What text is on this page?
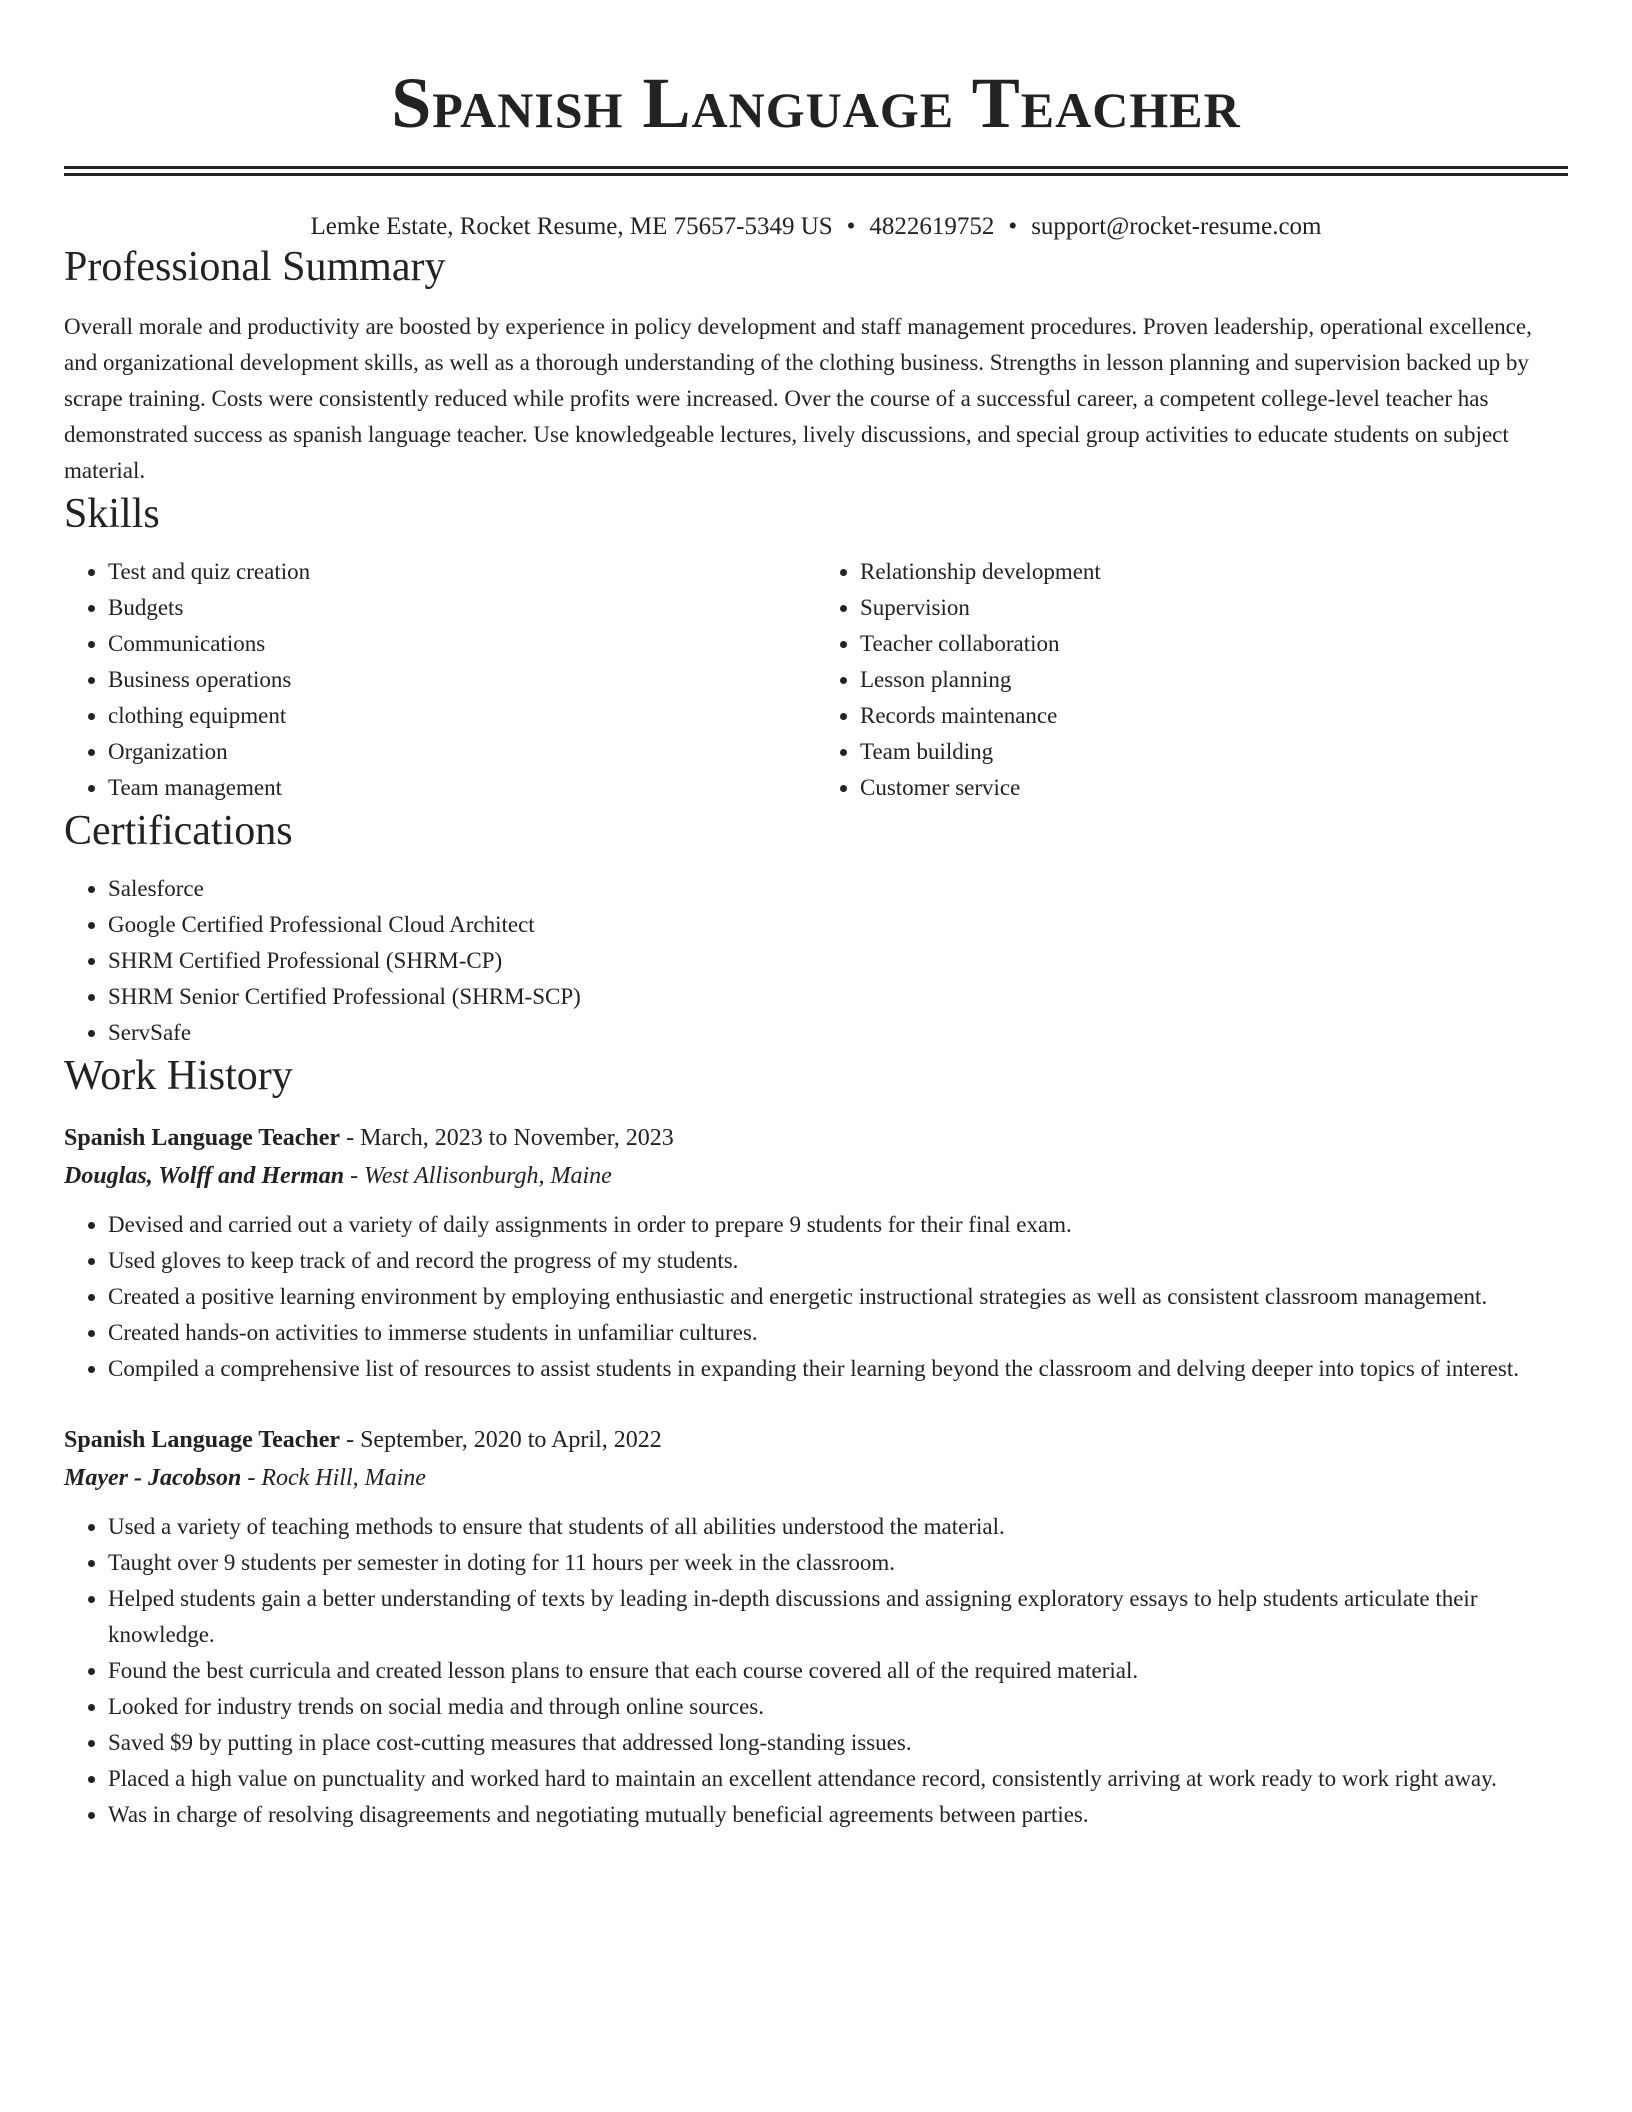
Spanish Language Teacher
Lemke Estate, Rocket Resume, ME 75657-5349 US • 4822619752 • support@rocket-resume.com
Professional Summary

Overall morale and productivity are boosted by experience in policy development and staff management procedures. Proven leadership, operational excellence, and organizational development skills, as well as a thorough understanding of the clothing business. Strengths in lesson planning and supervision backed up by scrape training. Costs were consistently reduced while profits were increased. Over the course of a successful career, a competent college-level teacher has demonstrated success as spanish language teacher. Use knowledgeable lectures, lively discussions, and special group activities to educate students on subject material.

Skills
• Test and quiz creation
• Budgets
• Communications
• Business operations
• clothing equipment
• Organization
• Team management
• Relationship development
• Supervision
• Teacher collaboration
• Lesson planning
• Records maintenance
• Team building
• Customer service
Certifications
• Salesforce
• Google Certified Professional Cloud Architect
• SHRM Certified Professional (SHRM-CP)
• SHRM Senior Certified Professional (SHRM-SCP)
• ServSafe
Work History
Spanish Language Teacher - March, 2023 to November, 2023
Douglas, Wolff and Herman - West Allisonburgh, Maine
• Devised and carried out a variety of daily assignments in order to prepare 9 students for their final exam.
• Used gloves to keep track of and record the progress of my students.
• Created a positive learning environment by employing enthusiastic and energetic instructional strategies as well as consistent classroom management.
• Created hands-on activities to immerse students in unfamiliar cultures.
• Compiled a comprehensive list of resources to assist students in expanding their learning beyond the classroom and delving deeper into topics of interest.
Spanish Language Teacher - September, 2020 to April, 2022
Mayer - Jacobson - Rock Hill, Maine
• Used a variety of teaching methods to ensure that students of all abilities understood the material.
• Taught over 9 students per semester in doting for 11 hours per week in the classroom.
• Helped students gain a better understanding of texts by leading in-depth discussions and assigning exploratory essays to help students articulate their knowledge.
• Found the best curricula and created lesson plans to ensure that each course covered all of the required material.
• Looked for industry trends on social media and through online sources.
• Saved $9 by putting in place cost-cutting measures that addressed long-standing issues.
• Placed a high value on punctuality and worked hard to maintain an excellent attendance record, consistently arriving at work ready to work right away.
• Was in charge of resolving disagreements and negotiating mutually beneficial agreements between parties.
